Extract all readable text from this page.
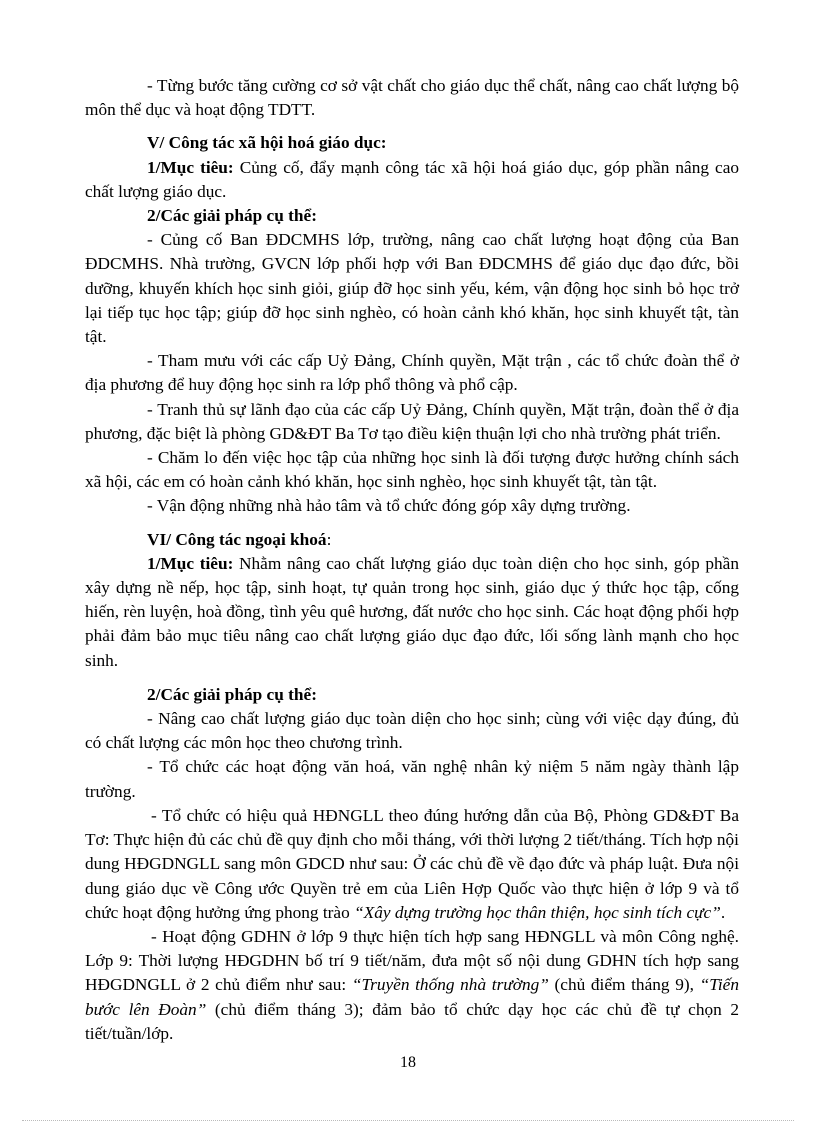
- Từng bước tăng cường cơ sở vật chất cho giáo dục thể chất, nâng cao chất lượng bộ môn thể dục và hoạt động TDTT.

V/ Công tác xã hội hoá giáo dục:

1/Mục tiêu: Củng cố, đẩy mạnh công tác xã hội hoá giáo dục, góp phần nâng cao chất lượng giáo dục.

2/Các giải pháp cụ thể:

- Củng cố Ban ĐDCMHS lớp, trường, nâng cao chất lượng hoạt động của Ban ĐDCMHS. Nhà trường, GVCN lớp phối hợp với Ban ĐDCMHS để giáo dục đạo đức, bồi dưỡng, khuyến khích học sinh giỏi, giúp đỡ học sinh yếu, kém, vận động học sinh bỏ học trở lại tiếp tục học tập; giúp đỡ học sinh nghèo, có hoàn cảnh khó khăn, học sinh khuyết tật, tàn tật.

- Tham mưu với các cấp Uỷ Đảng, Chính quyền, Mặt trận , các tổ chức đoàn thể ở địa phương để huy động học sinh ra lớp phổ thông và phổ cập.

- Tranh thủ sự lãnh đạo của các cấp Uỷ Đảng, Chính quyền, Mặt trận, đoàn thể ở địa phương, đặc biệt là phòng GD&ĐT Ba Tơ tạo điều kiện thuận lợi cho nhà trường phát triển.

- Chăm lo đến việc học tập của những học sinh là đối tượng được hưởng chính sách xã hội, các em có hoàn cảnh khó khăn, học sinh nghèo, học sinh khuyết tật, tàn tật.

- Vận động những nhà hảo tâm và tổ chức đóng góp xây dựng trường.

VI/ Công tác ngoại khoá:

1/Mục tiêu: Nhằm nâng cao chất lượng giáo dục toàn diện cho học sinh, góp phần xây dựng nề nếp, học tập, sinh hoạt, tự quản trong học sinh, giáo dục ý thức học tập, cống hiến, rèn luyện, hoà đồng, tình yêu quê hương, đất nước cho học sinh. Các hoạt động phối hợp phải đảm bảo mục tiêu nâng cao chất lượng giáo dục đạo đức, lối sống lành mạnh cho học sinh.

2/Các giải pháp cụ thể:

- Nâng cao chất lượng giáo dục toàn diện cho học sinh; cùng với việc dạy đúng, đủ có chất lượng các môn học theo chương trình.

- Tổ chức các hoạt động văn hoá, văn nghệ nhân kỷ niệm 5 năm ngày thành lập trường.

- Tổ chức có hiệu quả HĐNGLL theo đúng hướng dẫn của Bộ, Phòng GD&ĐT Ba Tơ: Thực hiện đủ các chủ đề quy định cho mỗi tháng, với thời lượng 2 tiết/tháng. Tích hợp nội dung HĐGDNGLL sang môn GDCD như sau: Ở các chủ đề về đạo đức và pháp luật. Đưa nội dung giáo dục về Công ước Quyền trẻ em của Liên Hợp Quốc vào thực hiện ở lớp 9 và tổ chức hoạt động hưởng ứng phong trào “Xây dựng trường học thân thiện, học sinh tích cực”.

- Hoạt động GDHN ở lớp 9 thực hiện tích hợp sang HĐNGLL và môn Công nghệ. Lớp 9: Thời lượng HĐGDHN bố trí 9 tiết/năm, đưa một số nội dung GDHN tích hợp sang HĐGDNGLL ở 2 chủ điểm như sau: “Truyền thống nhà trường” (chủ điểm tháng 9), “Tiến bước lên Đoàn” (chủ điểm tháng 3); đảm bảo tổ chức dạy học các chủ đề tự chọn 2 tiết/tuần/lớp.

18
